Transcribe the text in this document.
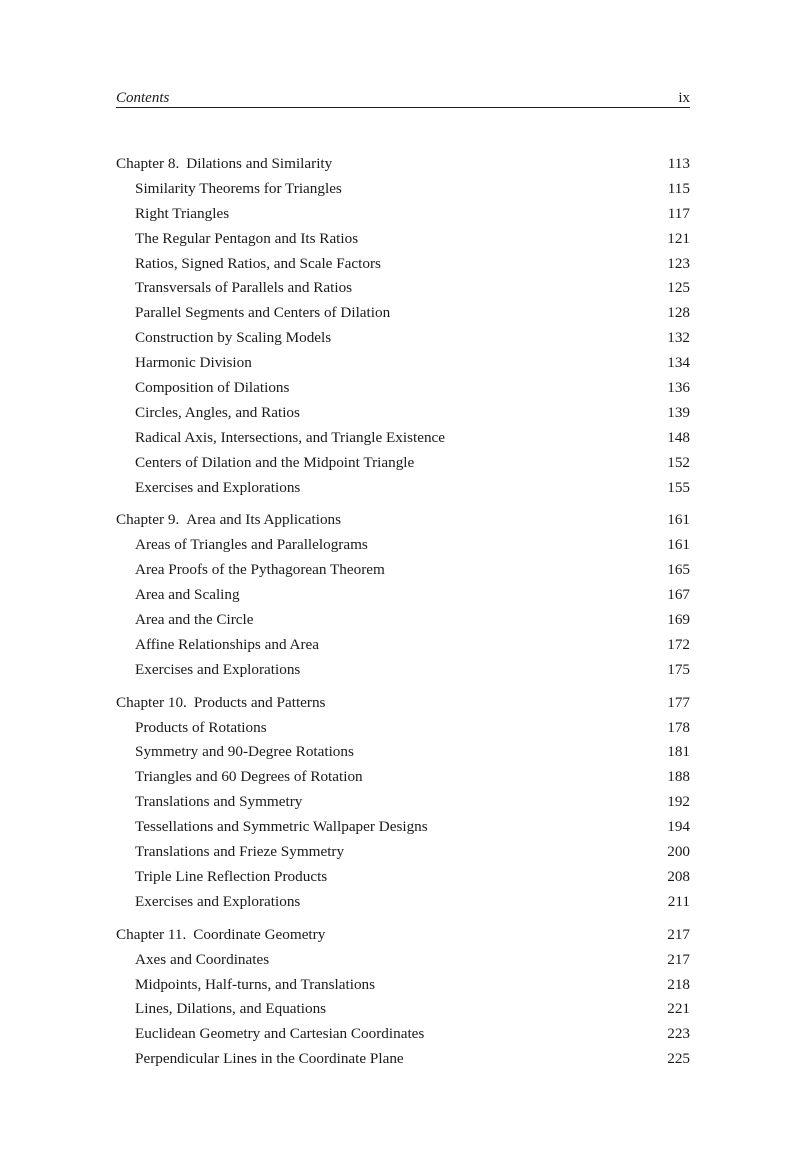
Contents	ix
Chapter 8. Dilations and Similarity	113
Similarity Theorems for Triangles	115
Right Triangles	117
The Regular Pentagon and Its Ratios	121
Ratios, Signed Ratios, and Scale Factors	123
Transversals of Parallels and Ratios	125
Parallel Segments and Centers of Dilation	128
Construction by Scaling Models	132
Harmonic Division	134
Composition of Dilations	136
Circles, Angles, and Ratios	139
Radical Axis, Intersections, and Triangle Existence	148
Centers of Dilation and the Midpoint Triangle	152
Exercises and Explorations	155
Chapter 9. Area and Its Applications	161
Areas of Triangles and Parallelograms	161
Area Proofs of the Pythagorean Theorem	165
Area and Scaling	167
Area and the Circle	169
Affine Relationships and Area	172
Exercises and Explorations	175
Chapter 10. Products and Patterns	177
Products of Rotations	178
Symmetry and 90-Degree Rotations	181
Triangles and 60 Degrees of Rotation	188
Translations and Symmetry	192
Tessellations and Symmetric Wallpaper Designs	194
Translations and Frieze Symmetry	200
Triple Line Reflection Products	208
Exercises and Explorations	211
Chapter 11. Coordinate Geometry	217
Axes and Coordinates	217
Midpoints, Half-turns, and Translations	218
Lines, Dilations, and Equations	221
Euclidean Geometry and Cartesian Coordinates	223
Perpendicular Lines in the Coordinate Plane	225
